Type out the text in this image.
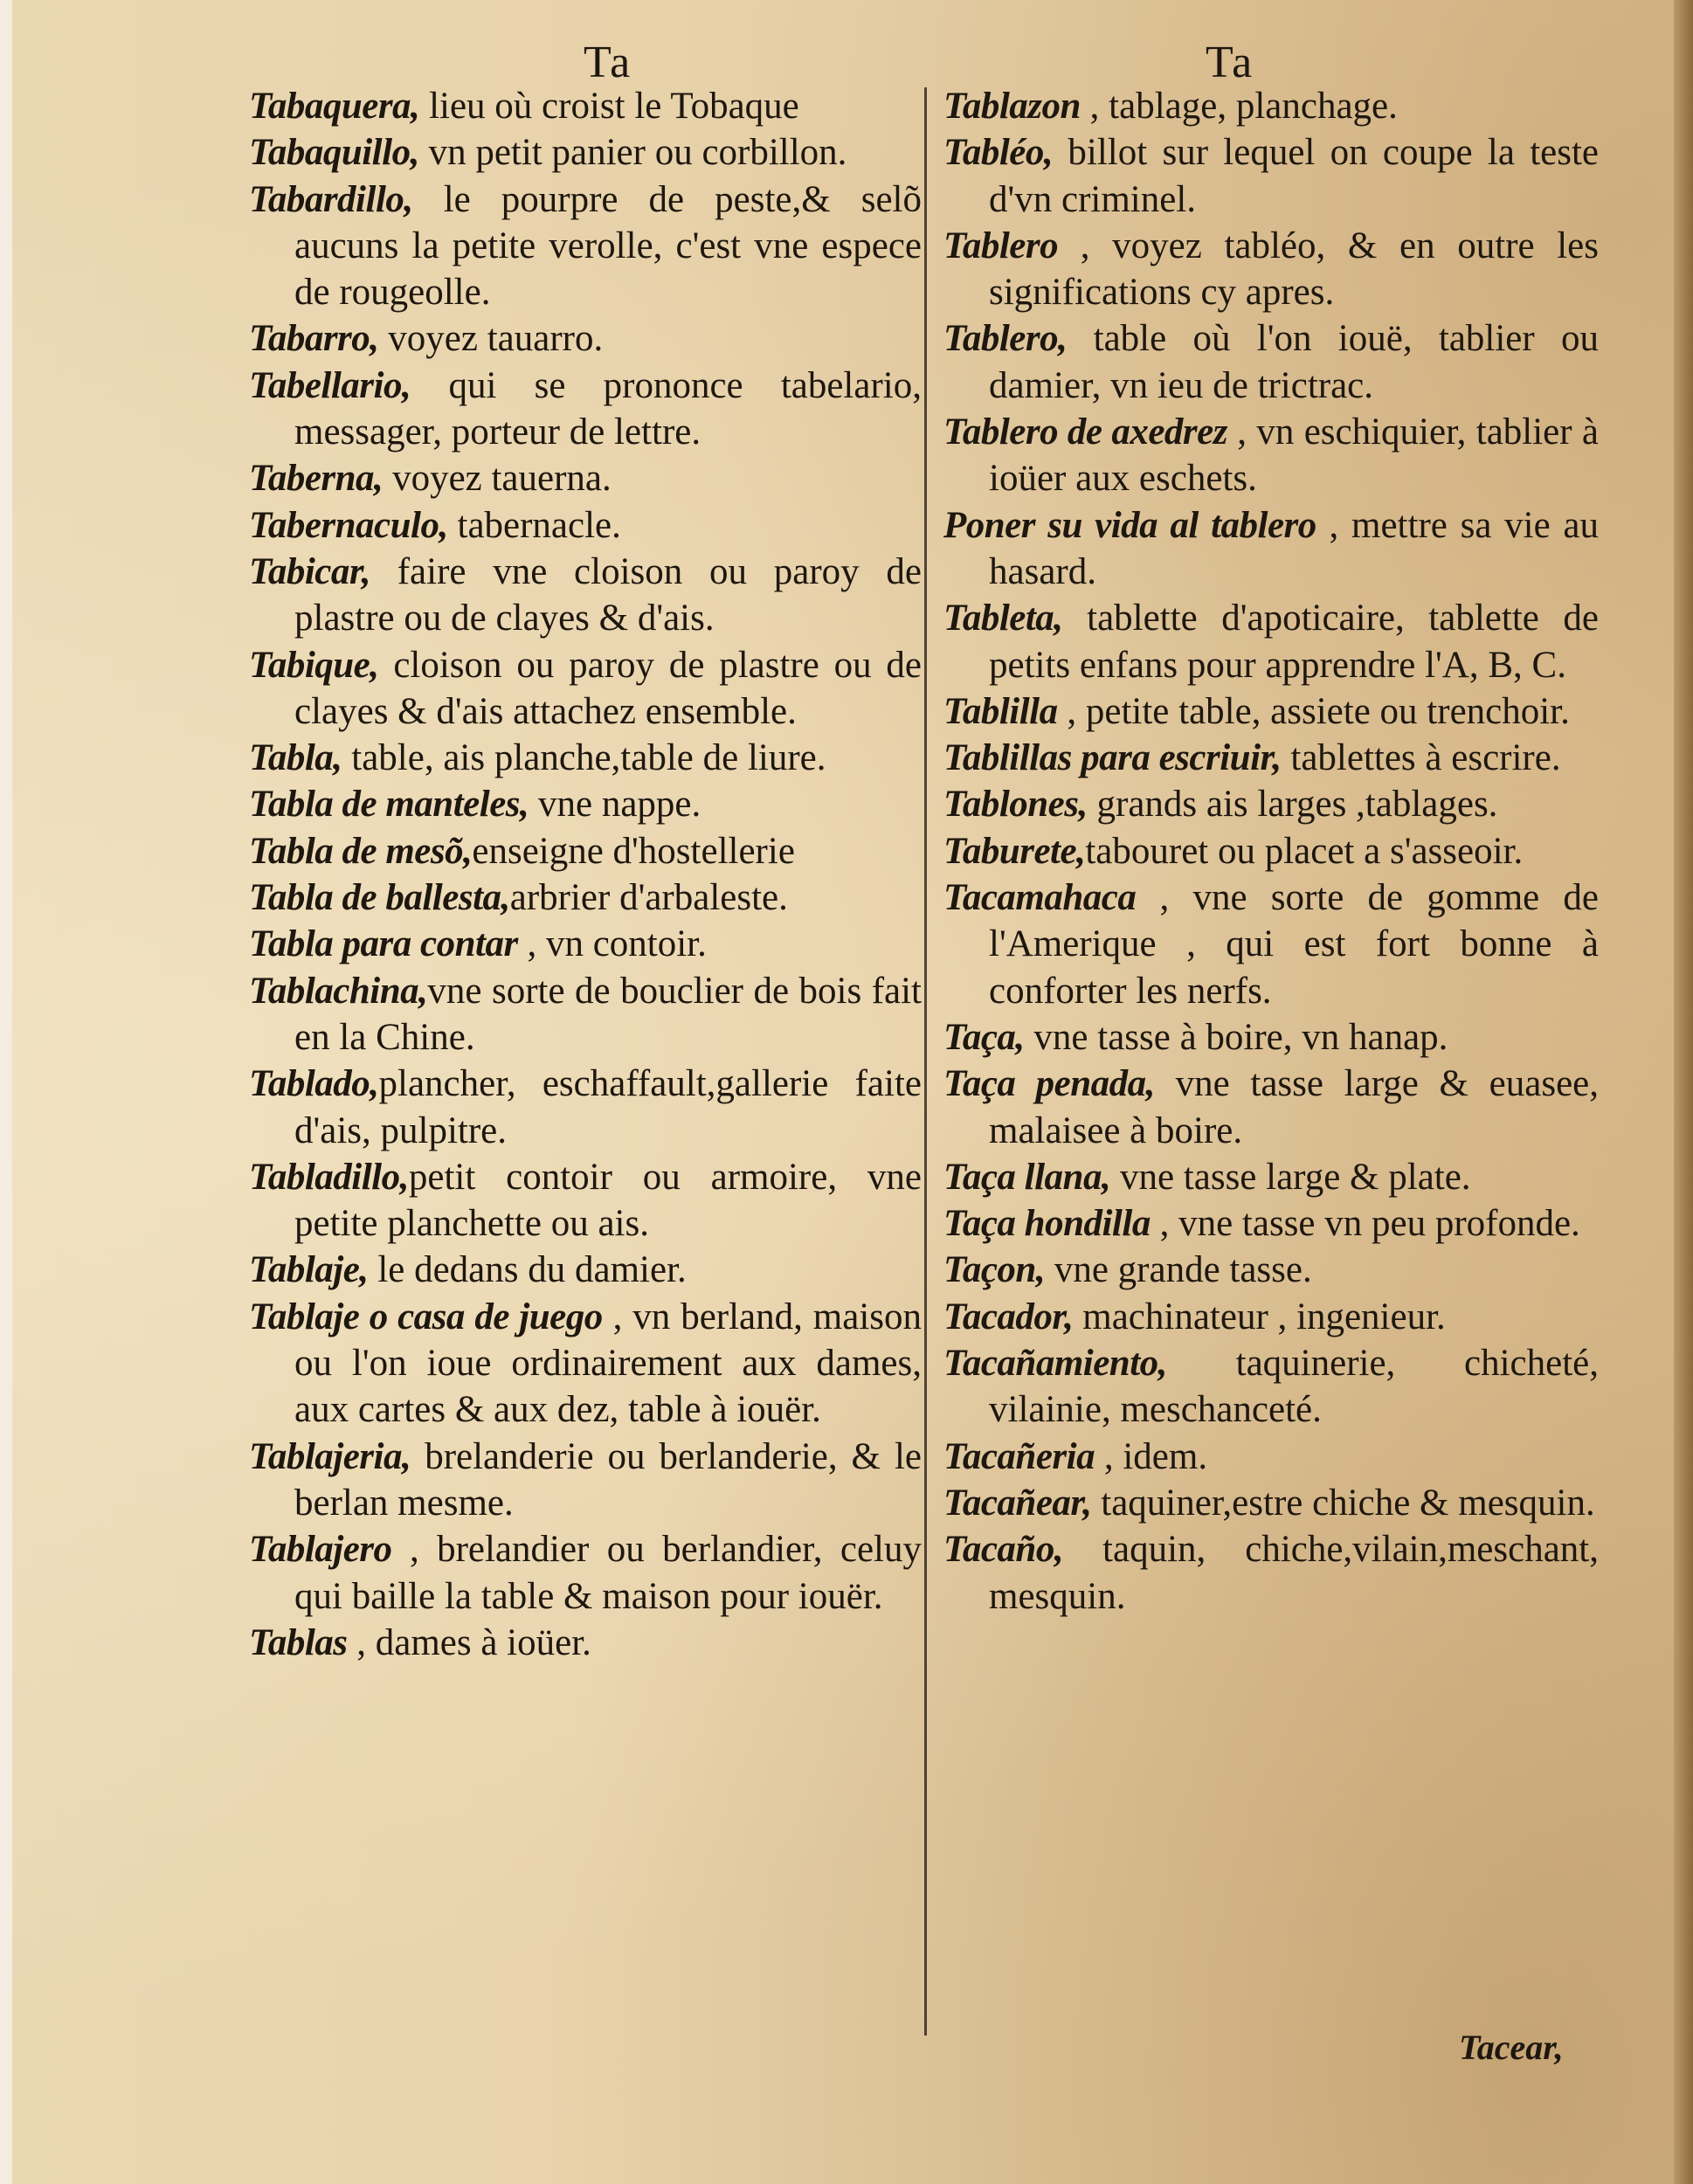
Ta	Ta
Tabaquera, lieu où croist le Tobaque
Tabaquillo, vn petit panier ou corbillon.
Tabardillo, le pourpre de peste,& selõ aucuns la petite verolle, c'est vne espece de rougeolle.
Tabarro, voyez tauarro.
Tabellario, qui se prononce tabelario, messager, porteur de lettre.
Taberna, voyez tauerna.
Tabernaculo, tabernacle.
Tabicar, faire vne cloison ou paroy de plastre ou de clayes & d'ais.
Tabique, cloison ou paroy de plastre ou de clayes & d'ais attachez ensemble.
Tabla, table, ais planche,table de liure.
Tabla de manteles, vne nappe.
Tabla de mesõ,enseigne d'hostellerie
Tabla de ballesta,arbrier d'arbaleste.
Tabla para contar , vn contoir.
Tablachina,vne sorte de bouclier de bois fait en la Chine.
Tablado,plancher, eschaffault,gallerie faite d'ais, pulpitre.
Tabladillo,petit contoir ou armoire, vne petite planchette ou ais.
Tablaje, le dedans du damier.
Tablaje o casa de juego , vn berland, maison ou l'on ioue ordinairement aux dames, aux cartes & aux dez, table à iouër.
Tablajeria, brelanderie ou berlanderie, & le berlan mesme.
Tablajero , brelandier ou berlandier, celuy qui baille la table & maison pour iouër.
Tablas , dames à ioüer.
Tablazon , tablage, planchage.
Tabléo, billot sur lequel on coupe la teste d'vn criminel.
Tablero , voyez tabléo, & en outre les significations cy apres.
Tablero, table où l'on iouë, tablier ou damier, vn ieu de trictrac.
Tablero de axedrez , vn eschiquier, tablier à ioüer aux eschets.
Poner su vida al tablero , mettre sa vie au hasard.
Tableta, tablette d'apoticaire, tablette de petits enfans pour apprendre l'A, B, C.
Tablilla , petite table, assiete ou trenchoir.
Tablillas para escriuir, tablettes à escrire.
Tablones, grands ais larges ,tablages.
Taburete,tabouret ou placet a s'asseoir.
Tacamahaca , vne sorte de gomme de l'Amerique , qui est fort bonne à conforter les nerfs.
Taça, vne tasse à boire, vn hanap.
Taça penada, vne tasse large & euasee, malaisee à boire.
Taça llana, vne tasse large & plate.
Taça hondilla , vne tasse vn peu profonde.
Taçon, vne grande tasse.
Tacador, machinateur , ingenieur.
Tacañamiento, taquinerie, chicheté, vilainie, meschanceté.
Tacañeria , idem.
Tacañear, taquiner,estre chiche & mesquin.
Tacaño, taquin, chiche,vilain,meschant, mesquin.
Tacear,
